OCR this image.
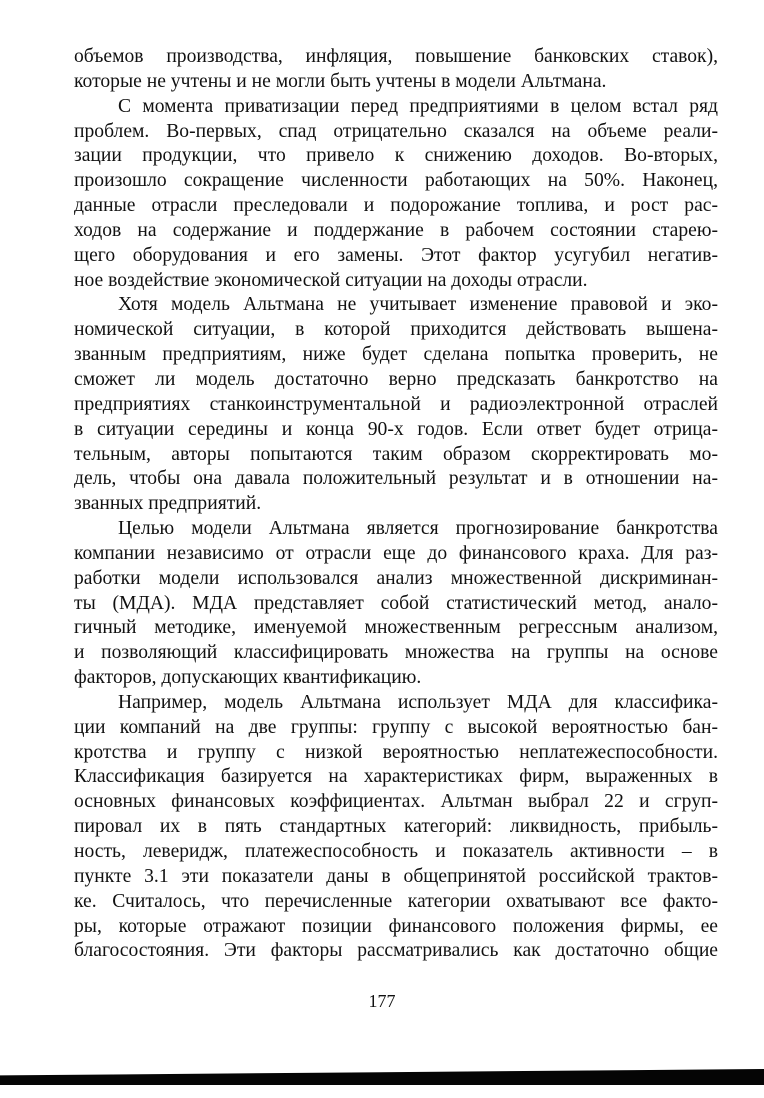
объемов производства, инфляция, повышение банковских ставок),
которые не учтены и не могли быть учтены в модели Альтмана.
С момента приватизации перед предприятиями в целом встал ряд
проблем. Во-первых, спад отрицательно сказался на объеме реали-
зации продукции, что привело к снижению доходов. Во-вторых,
произошло сокращение численности работающих на 50%. Наконец,
данные отрасли преследовали и подорожание топлива, и рост рас-
ходов на содержание и поддержание в рабочем состоянии старею-
щего оборудования и его замены. Этот фактор усугубил негатив-
ное воздействие экономической ситуации на доходы отрасли.
Хотя модель Альтмана не учитывает изменение правовой и эко-
номической ситуации, в которой приходится действовать вышена-
званным предприятиям, ниже будет сделана попытка проверить, не
сможет ли модель достаточно верно предсказать банкротство на
предприятиях станкоинструментальной и радиоэлектронной отраслей
в ситуации середины и конца 90-х годов. Если ответ будет отрица-
тельным, авторы попытаются таким образом скорректировать мо-
дель, чтобы она давала положительный результат и в отношении на-
званных предприятий.
Целью модели Альтмана является прогнозирование банкротства
компании независимо от отрасли еще до финансового краха. Для раз-
работки модели использовался анализ множественной дискриминан-
ты (МДА). МДА представляет собой статистический метод, анало-
гичный методике, именуемой множественным регрессным анализом,
и позволяющий классифицировать множества на группы на основе
факторов, допускающих квантификацию.
Например, модель Альтмана использует МДА для классифика-
ции компаний на две группы: группу с высокой вероятностью бан-
кротства и группу с низкой вероятностью неплатежеспособности.
Классификация базируется на характеристиках фирм, выраженных в
основных финансовых коэффициентах. Альтман выбрал 22 и сгруп-
пировал их в пять стандартных категорий: ликвидность, прибыль-
ность, леверидж, платежеспособность и показатель активности – в
пункте 3.1 эти показатели даны в общепринятой российской трактов-
ке. Считалось, что перечисленные категории охватывают все факто-
ры, которые отражают позиции финансового положения фирмы, ее
благосостояния. Эти факторы рассматривались как достаточно общие
177
